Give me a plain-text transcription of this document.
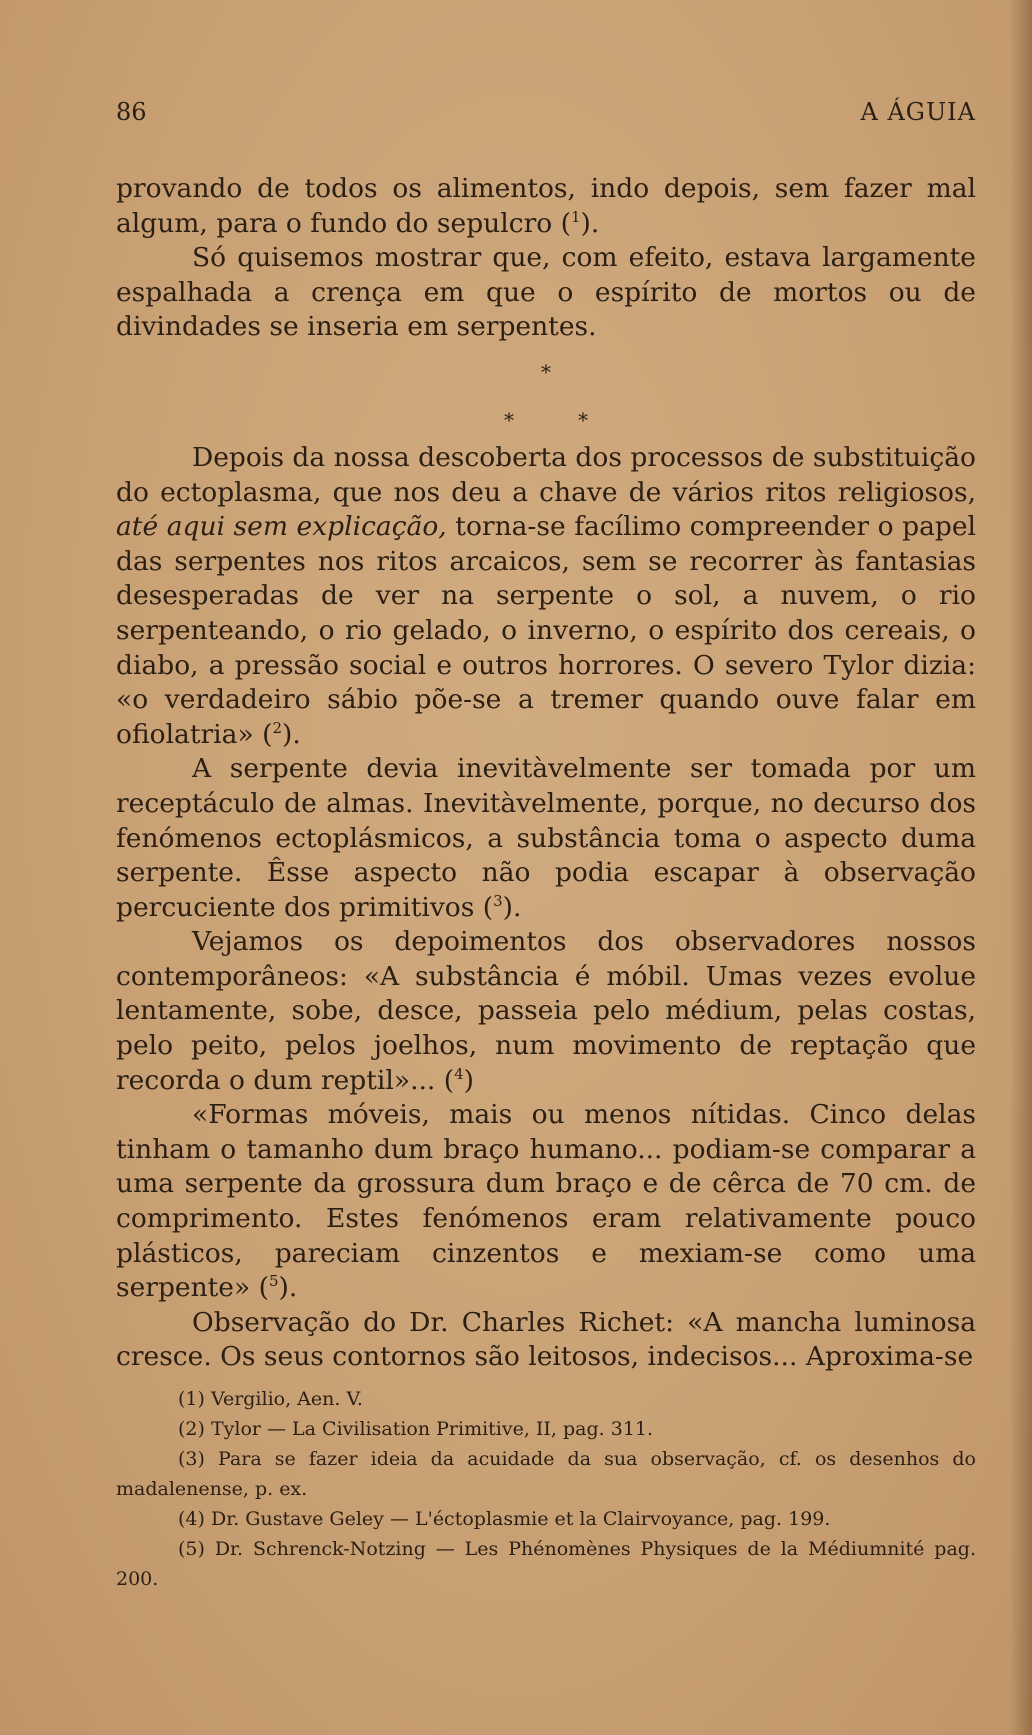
86	A ÁGUIA

provando de todos os alimentos, indo depois, sem fazer mal algum, para o fundo do sepulcro ($^1$).

Só quisemos mostrar que, com efeito, estava largamente espalhada a crença em que o espírito de mortos ou de divindades se inseria em serpentes.

*
*	*

Depois da nossa descoberta dos processos de substituição do ectoplasma, que nos deu a chave de vários ritos religiosos, até aqui sem explicação, torna-se facílimo compreender o papel das serpentes nos ritos arcaicos, sem se recorrer às fantasias desesperadas de ver na serpente o sol, a nuvem, o rio serpenteando, o rio gelado, o inverno, o espírito dos cereais, o diabo, a pressão social e outros horrores. O severo Tylor dizia: «o verdadeiro sábio põe-se a tremer quando ouve falar em ofiolatria» ($^2$).

A serpente devia inevitàvelmente ser tomada por um receptáculo de almas. Inevitàvelmente, porque, no decurso dos fenómenos ectoplásmicos, a substância toma o aspecto duma serpente. Êsse aspecto não podia escapar à observação percuciente dos primitivos ($^3$).

Vejamos os depoimentos dos observadores nossos contemporâneos: «A substância é móbil. Umas vezes evolue lentamente, sobe, desce, passeia pelo médium, pelas costas, pelo peito, pelos joelhos, num movimento de reptação que recorda o dum reptil»... ($^4$)

«Formas móveis, mais ou menos nítidas. Cinco delas tinham o tamanho dum braço humano... podiam-se comparar a uma serpente da grossura dum braço e de cêrca de 70 cm. de comprimento. Estes fenómenos eram relativamente pouco plásticos, pareciam cinzentos e mexiam-se como uma serpente» ($^5$).

Observação do Dr. Charles Richet: «A mancha luminosa cresce. Os seus contornos são leitosos, indecisos... Aproxima-se

(1) Vergilio, Aen. V.

(2) Tylor — La Civilisation Primitive, II, pag. 311.

(3) Para se fazer ideia da acuidade da sua observação, cf. os desenhos do madalenense, p. ex.

(4) Dr. Gustave Geley — L'éctoplasmie et la Clairvoyance, pag. 199.

(5) Dr. Schrenck-Notzing — Les Phénomènes Physiques de la Médiumnité pag. 200.
